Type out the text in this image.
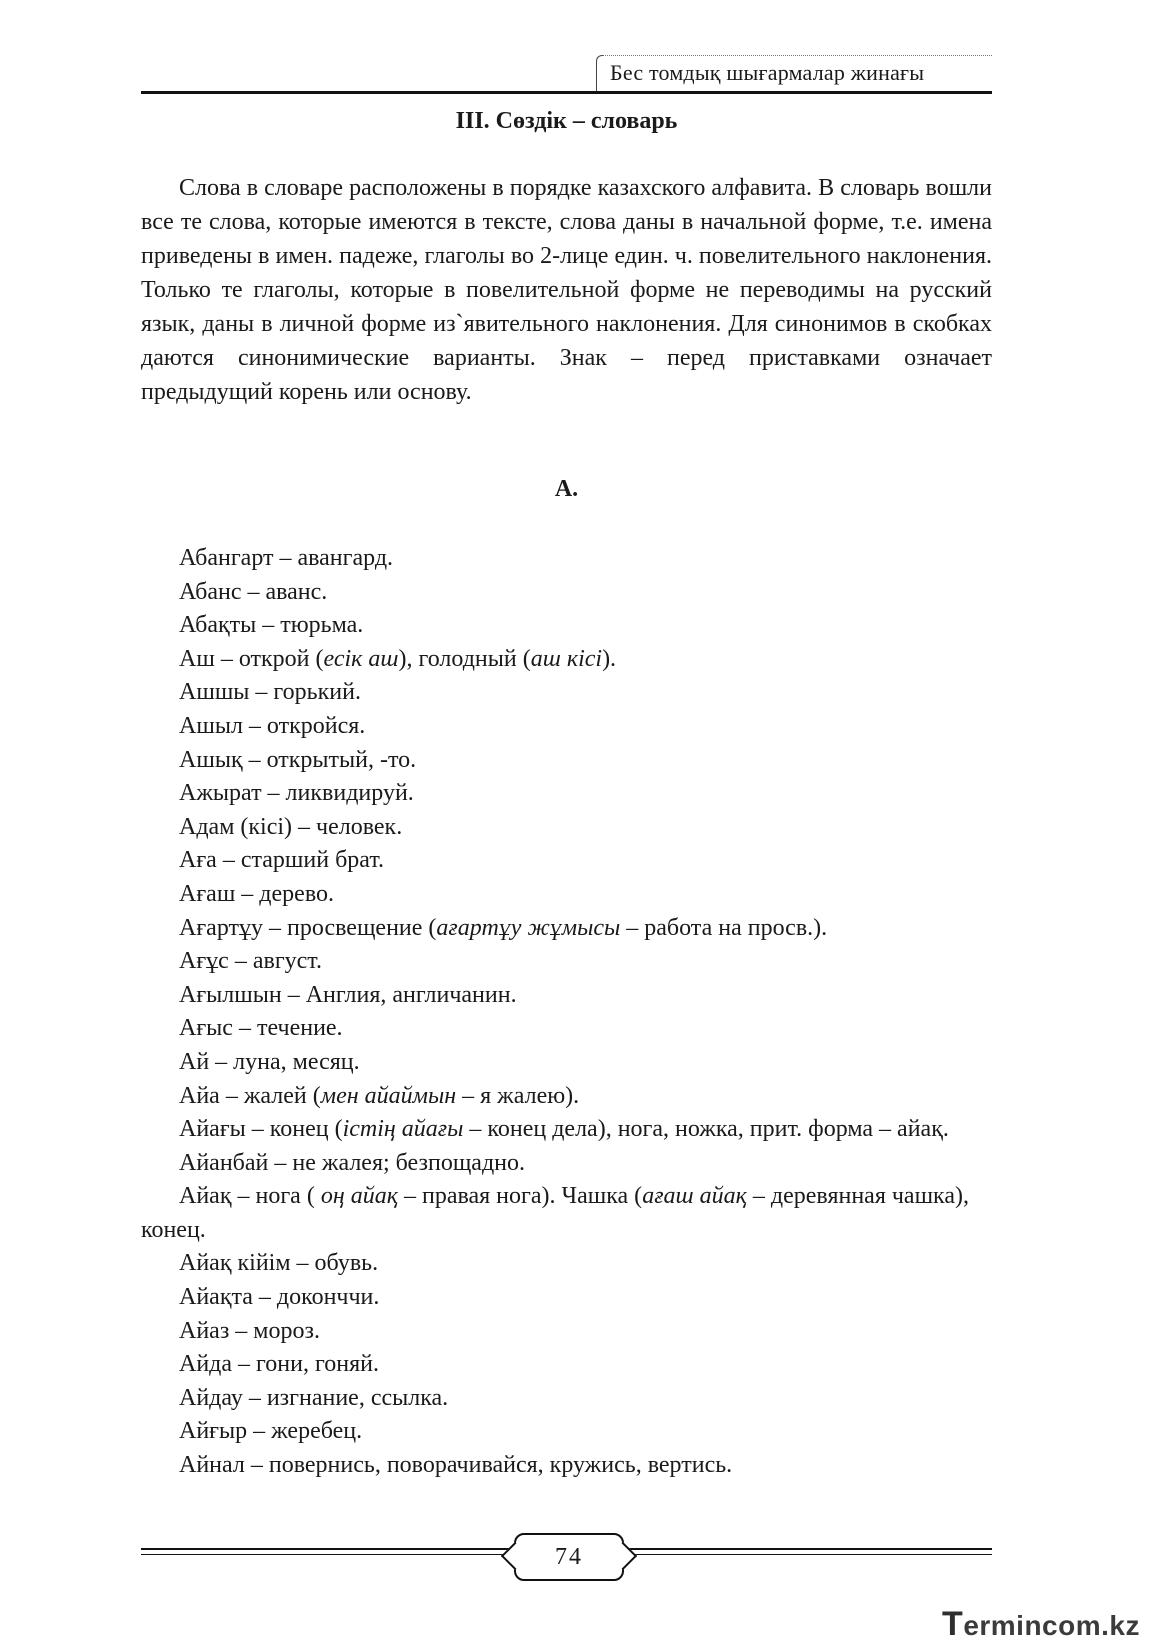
Бес томдық шығармалар жинағы
III. Сөздік – словарь

Слова в словаре расположены в порядке казахского алфавита. В словарь вошли все те слова, которые имеются в тексте, слова даны в начальной форме, т.е. имена приведены в имен. падеже, глаголы во 2-лице един. ч. повелительного наклонения. Только те глаголы, которые в повелительной форме не переводимы на русский язык, даны в личной форме из`явительного наклонения. Для синонимов в скобках даются синонимические варианты. Знак – перед приставками означает предыдущий корень или основу.

А.

Абангарт – авангард.

Абанс – аванс.

Абақты – тюрьма.

Аш – открой (есік аш), голодный (аш кісі).

Ашшы – горький.

Ашыл – откройся.

Ашық – открытый, -то.

Ажырат – ликвидируй.

Адам (кісі) – человек.

Аға – старший брат.

Ағаш – дерево.

Ағартұу – просвещение (ағартұу жұмысы – работа на просв.).

Ағұс – август.

Ағылшын – Англия, англичанин.

Ағыс – течение.

Ай – луна, месяц.

Айа – жалей (мен айаймын – я жалею).

Айағы – конец (істің айағы – конец дела), нога, ножка, прит. форма – айақ.

Айанбай – не жалея; безпощадно.

Айақ – нога ( оң айақ – правая нога). Чашка (ағаш айақ – деревянная чашка), конец.

Айақ кійім – обувь.

Айақта – доконччи.

Айаз – мороз.

Айда – гони, гоняй.

Айдау – изгнание, ссылка.

Айғыр – жеребец.

Айнал – повернись, поворачивайся, кружись, вертись.

74
Termincom.kz
